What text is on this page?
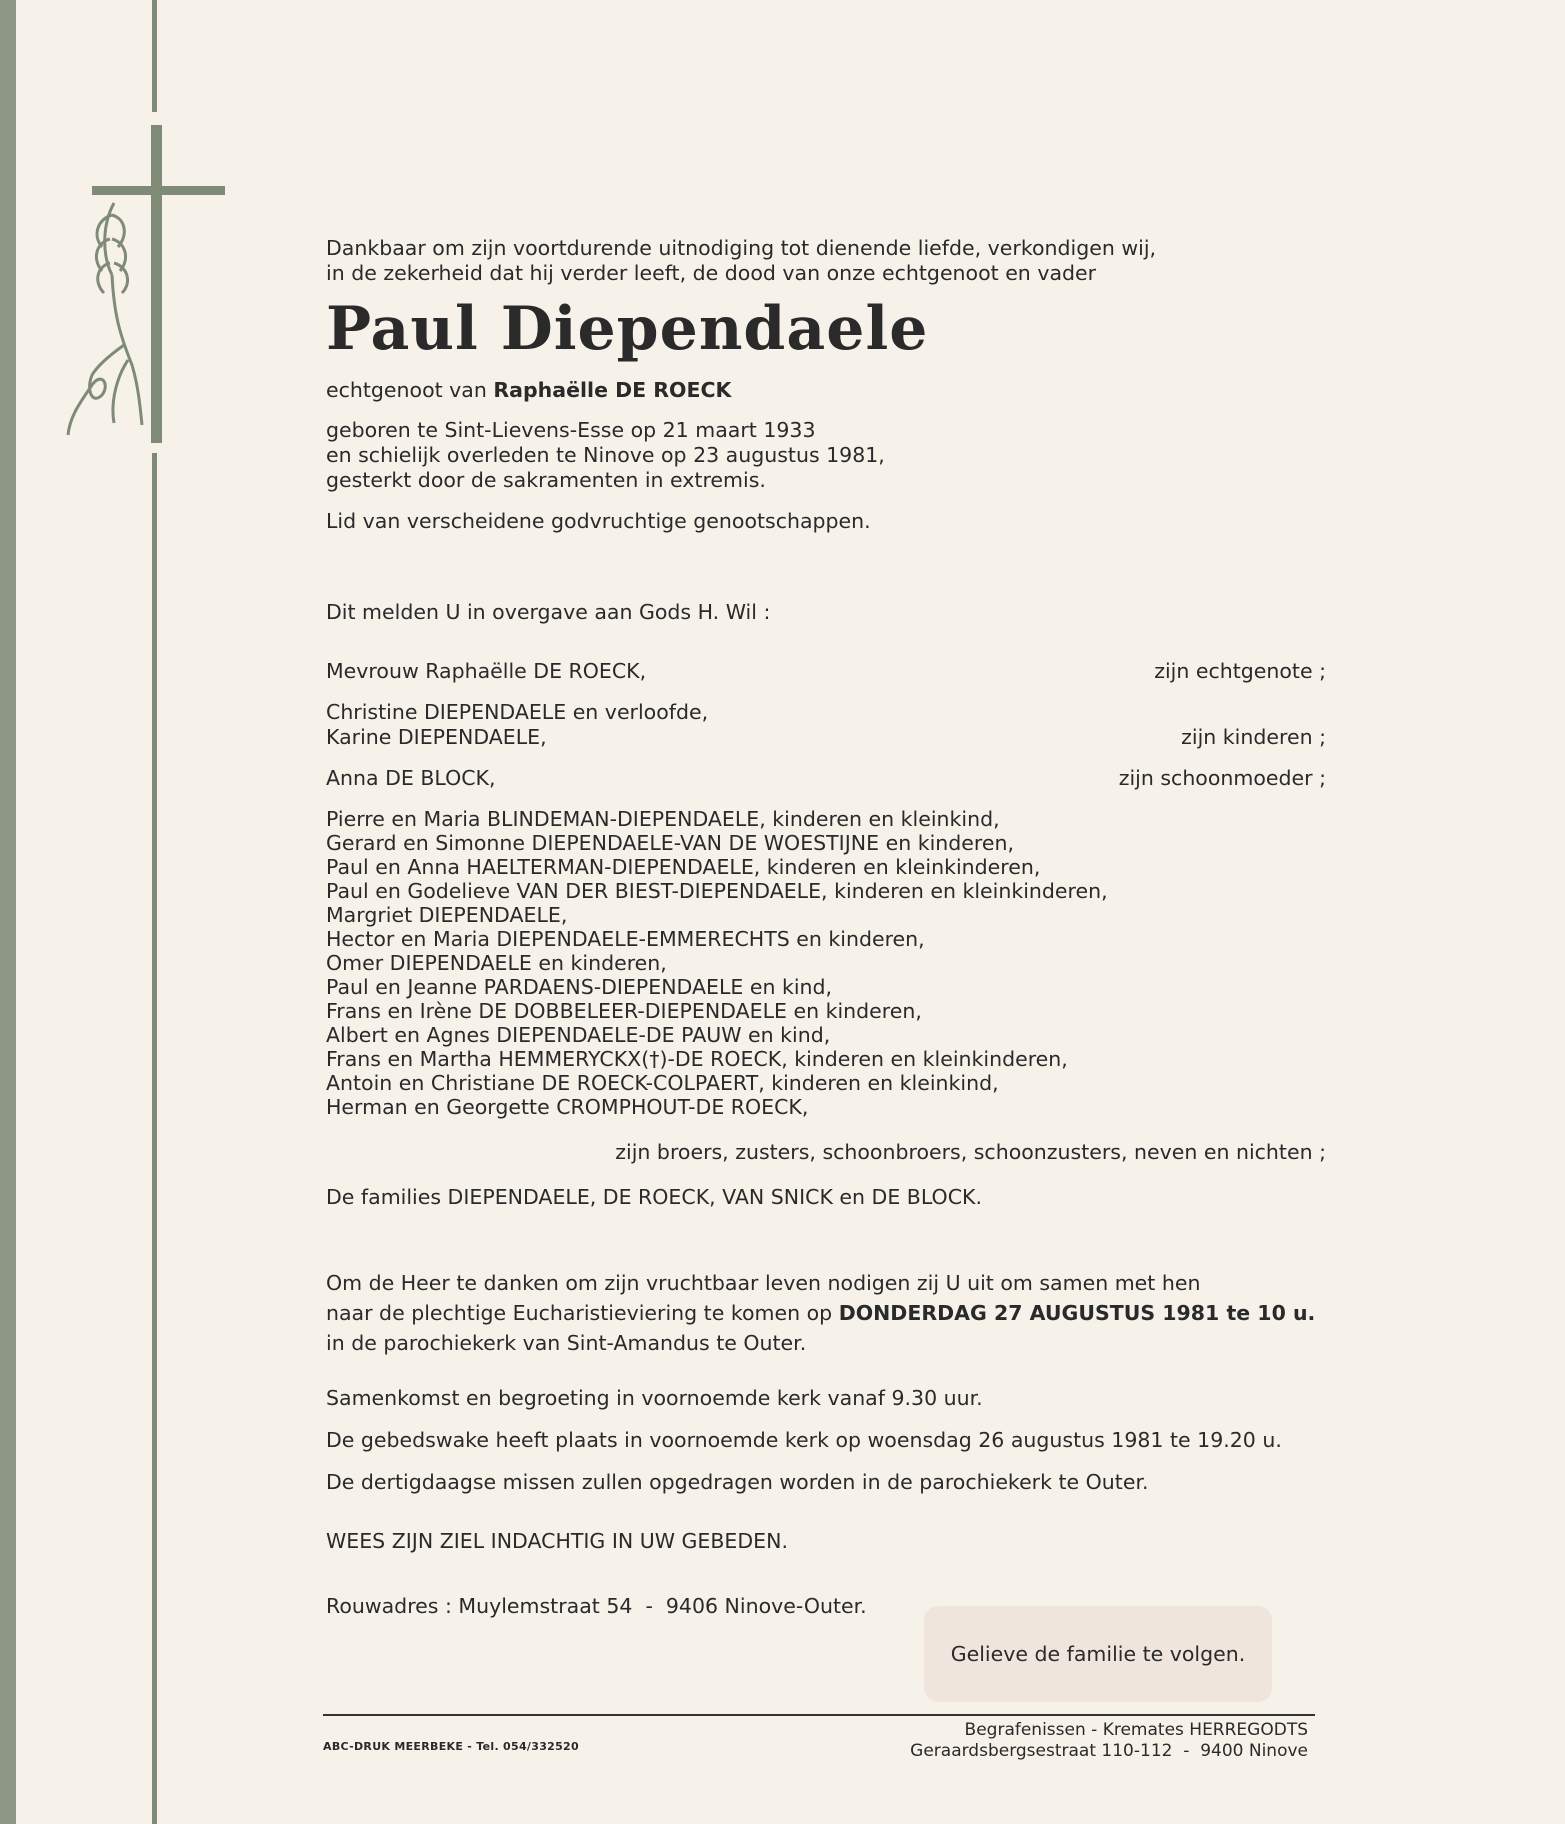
Dankbaar om zijn voortdurende uitnodiging tot dienende liefde, verkondigen wij,

in de zekerheid dat hij verder leeft, de dood van onze echtgenoot en vader

Paul Diependaele

echtgenoot van Raphaëlle DE ROECK

geboren te Sint-Lievens-Esse op 21 maart 1933

en schielijk overleden te Ninove op 23 augustus 1981,

gesterkt door de sakramenten in extremis.

Lid van verscheidene godvruchtige genootschappen.

Dit melden U in overgave aan Gods H. Wil :

Mevrouw Raphaëlle DE ROECK,	zijn echtgenote ;

Christine DIEPENDAELE en verloofde,

Karine DIEPENDAELE,	zijn kinderen ;
Anna DE BLOCK,	zijn schoonmoeder ;

Pierre en Maria BLINDEMAN-DIEPENDAELE, kinderen en kleinkind,

Gerard en Simonne DIEPENDAELE-VAN DE WOESTIJNE en kinderen,

Paul en Anna HAELTERMAN-DIEPENDAELE, kinderen en kleinkinderen,

Paul en Godelieve VAN DER BIEST-DIEPENDAELE, kinderen en kleinkinderen,

Margriet DIEPENDAELE,

Hector en Maria DIEPENDAELE-EMMERECHTS en kinderen,

Omer DIEPENDAELE en kinderen,

Paul en Jeanne PARDAENS-DIEPENDAELE en kind,

Frans en Irène DE DOBBELEER-DIEPENDAELE en kinderen,

Albert en Agnes DIEPENDAELE-DE PAUW en kind,

Frans en Martha HEMMERYCKX(†)-DE ROECK, kinderen en kleinkinderen,

Antoin en Christiane DE ROECK-COLPAERT, kinderen en kleinkind,

Herman en Georgette CROMPHOUT-DE ROECK,

zijn broers, zusters, schoonbroers, schoonzusters, neven en nichten ;

De families DIEPENDAELE, DE ROECK, VAN SNICK en DE BLOCK.

Om de Heer te danken om zijn vruchtbaar leven nodigen zij U uit om samen met hen

naar de plechtige Eucharistieviering te komen op DONDERDAG 27 AUGUSTUS 1981 te 10 u.

in de parochiekerk van Sint-Amandus te Outer.

Samenkomst en begroeting in voornoemde kerk vanaf 9.30 uur.

De gebedswake heeft plaats in voornoemde kerk op woensdag 26 augustus 1981 te 19.20 u.

De dertigdaagse missen zullen opgedragen worden in de parochiekerk te Outer.

WEES ZIJN ZIEL INDACHTIG IN UW GEBEDEN.

Rouwadres : Muylemstraat 54  -  9406 Ninove-Outer.

Gelieve de familie te volgen.
ABC-DRUK MEERBEKE - Tel. 054/332520
Begrafenissen - Kremates HERREGODTS
Geraardsbergsestraat 110-112  -  9400 Ninove
